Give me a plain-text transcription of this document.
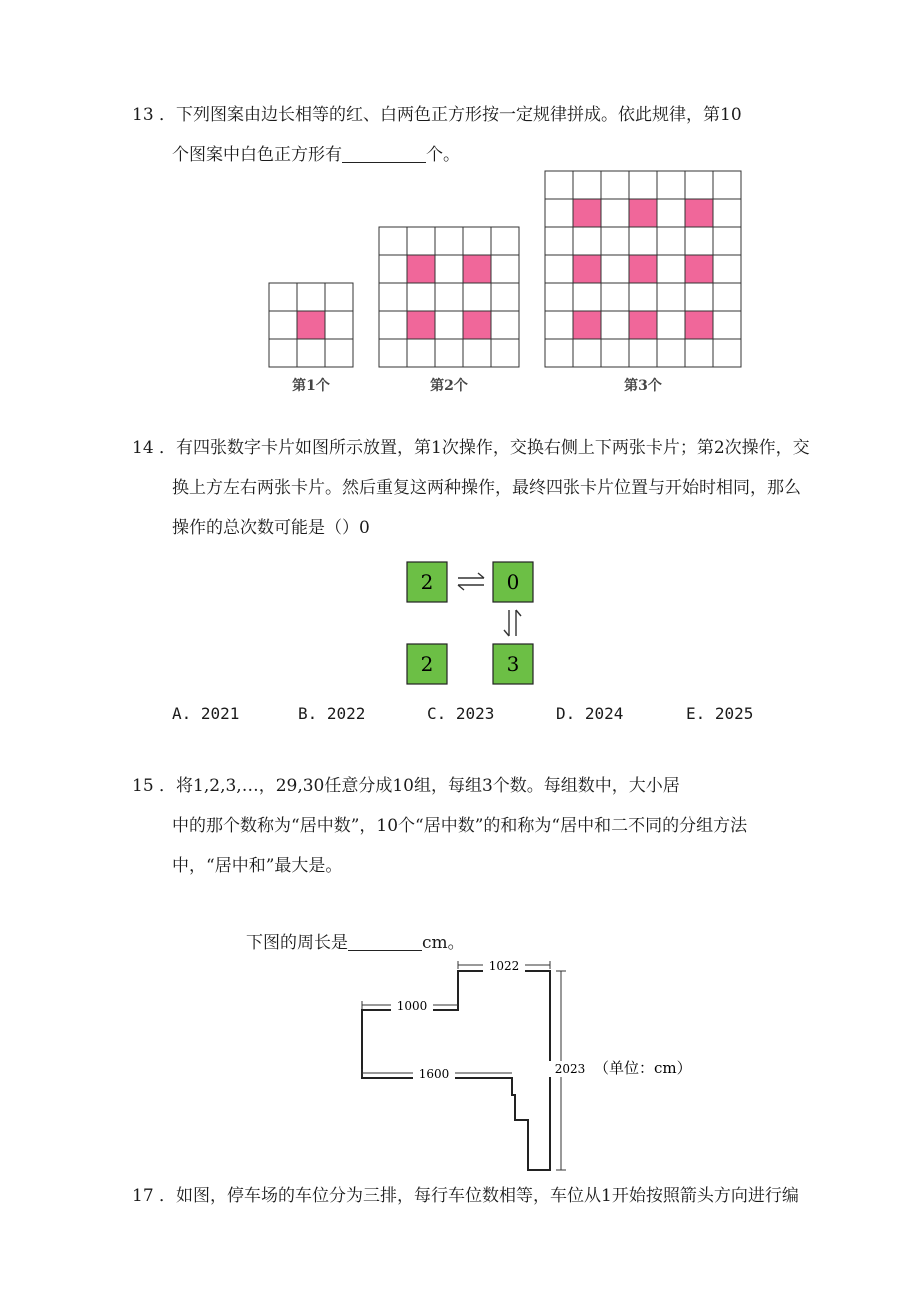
13 ．下列图案由边长相等的红、白两色正方形按一定规律拼成。依此规律，第10
个图案中白色正方形有	个。
第1个	第2个	第3个
14 ．有四张数字卡片如图所示放置，第1次操作，交换右侧上下两张卡片；第2次操作，交
换上方左右两张卡片。然后重复这两种操作，最终四张卡片位置与开始时相同，那么
操作的总次数可能是（）0
2	0
2	3
A. 2021	B. 2022	C. 2023	D. 2024	E. 2025
15 ．将1,2,3,…，29,30任意分成10组，每组3个数。每组数中，大小居
中的那个数称为“居中数”，10个“居中数”的和称为“居中和二不同的分组方法
中，“居中和”最大是。
下图的周长是	cm。
1022
1000
1600	2023 （单位：cm）
17 ．如图，停车场的车位分为三排，每行车位数相等，车位从1开始按照箭头方向进行编
